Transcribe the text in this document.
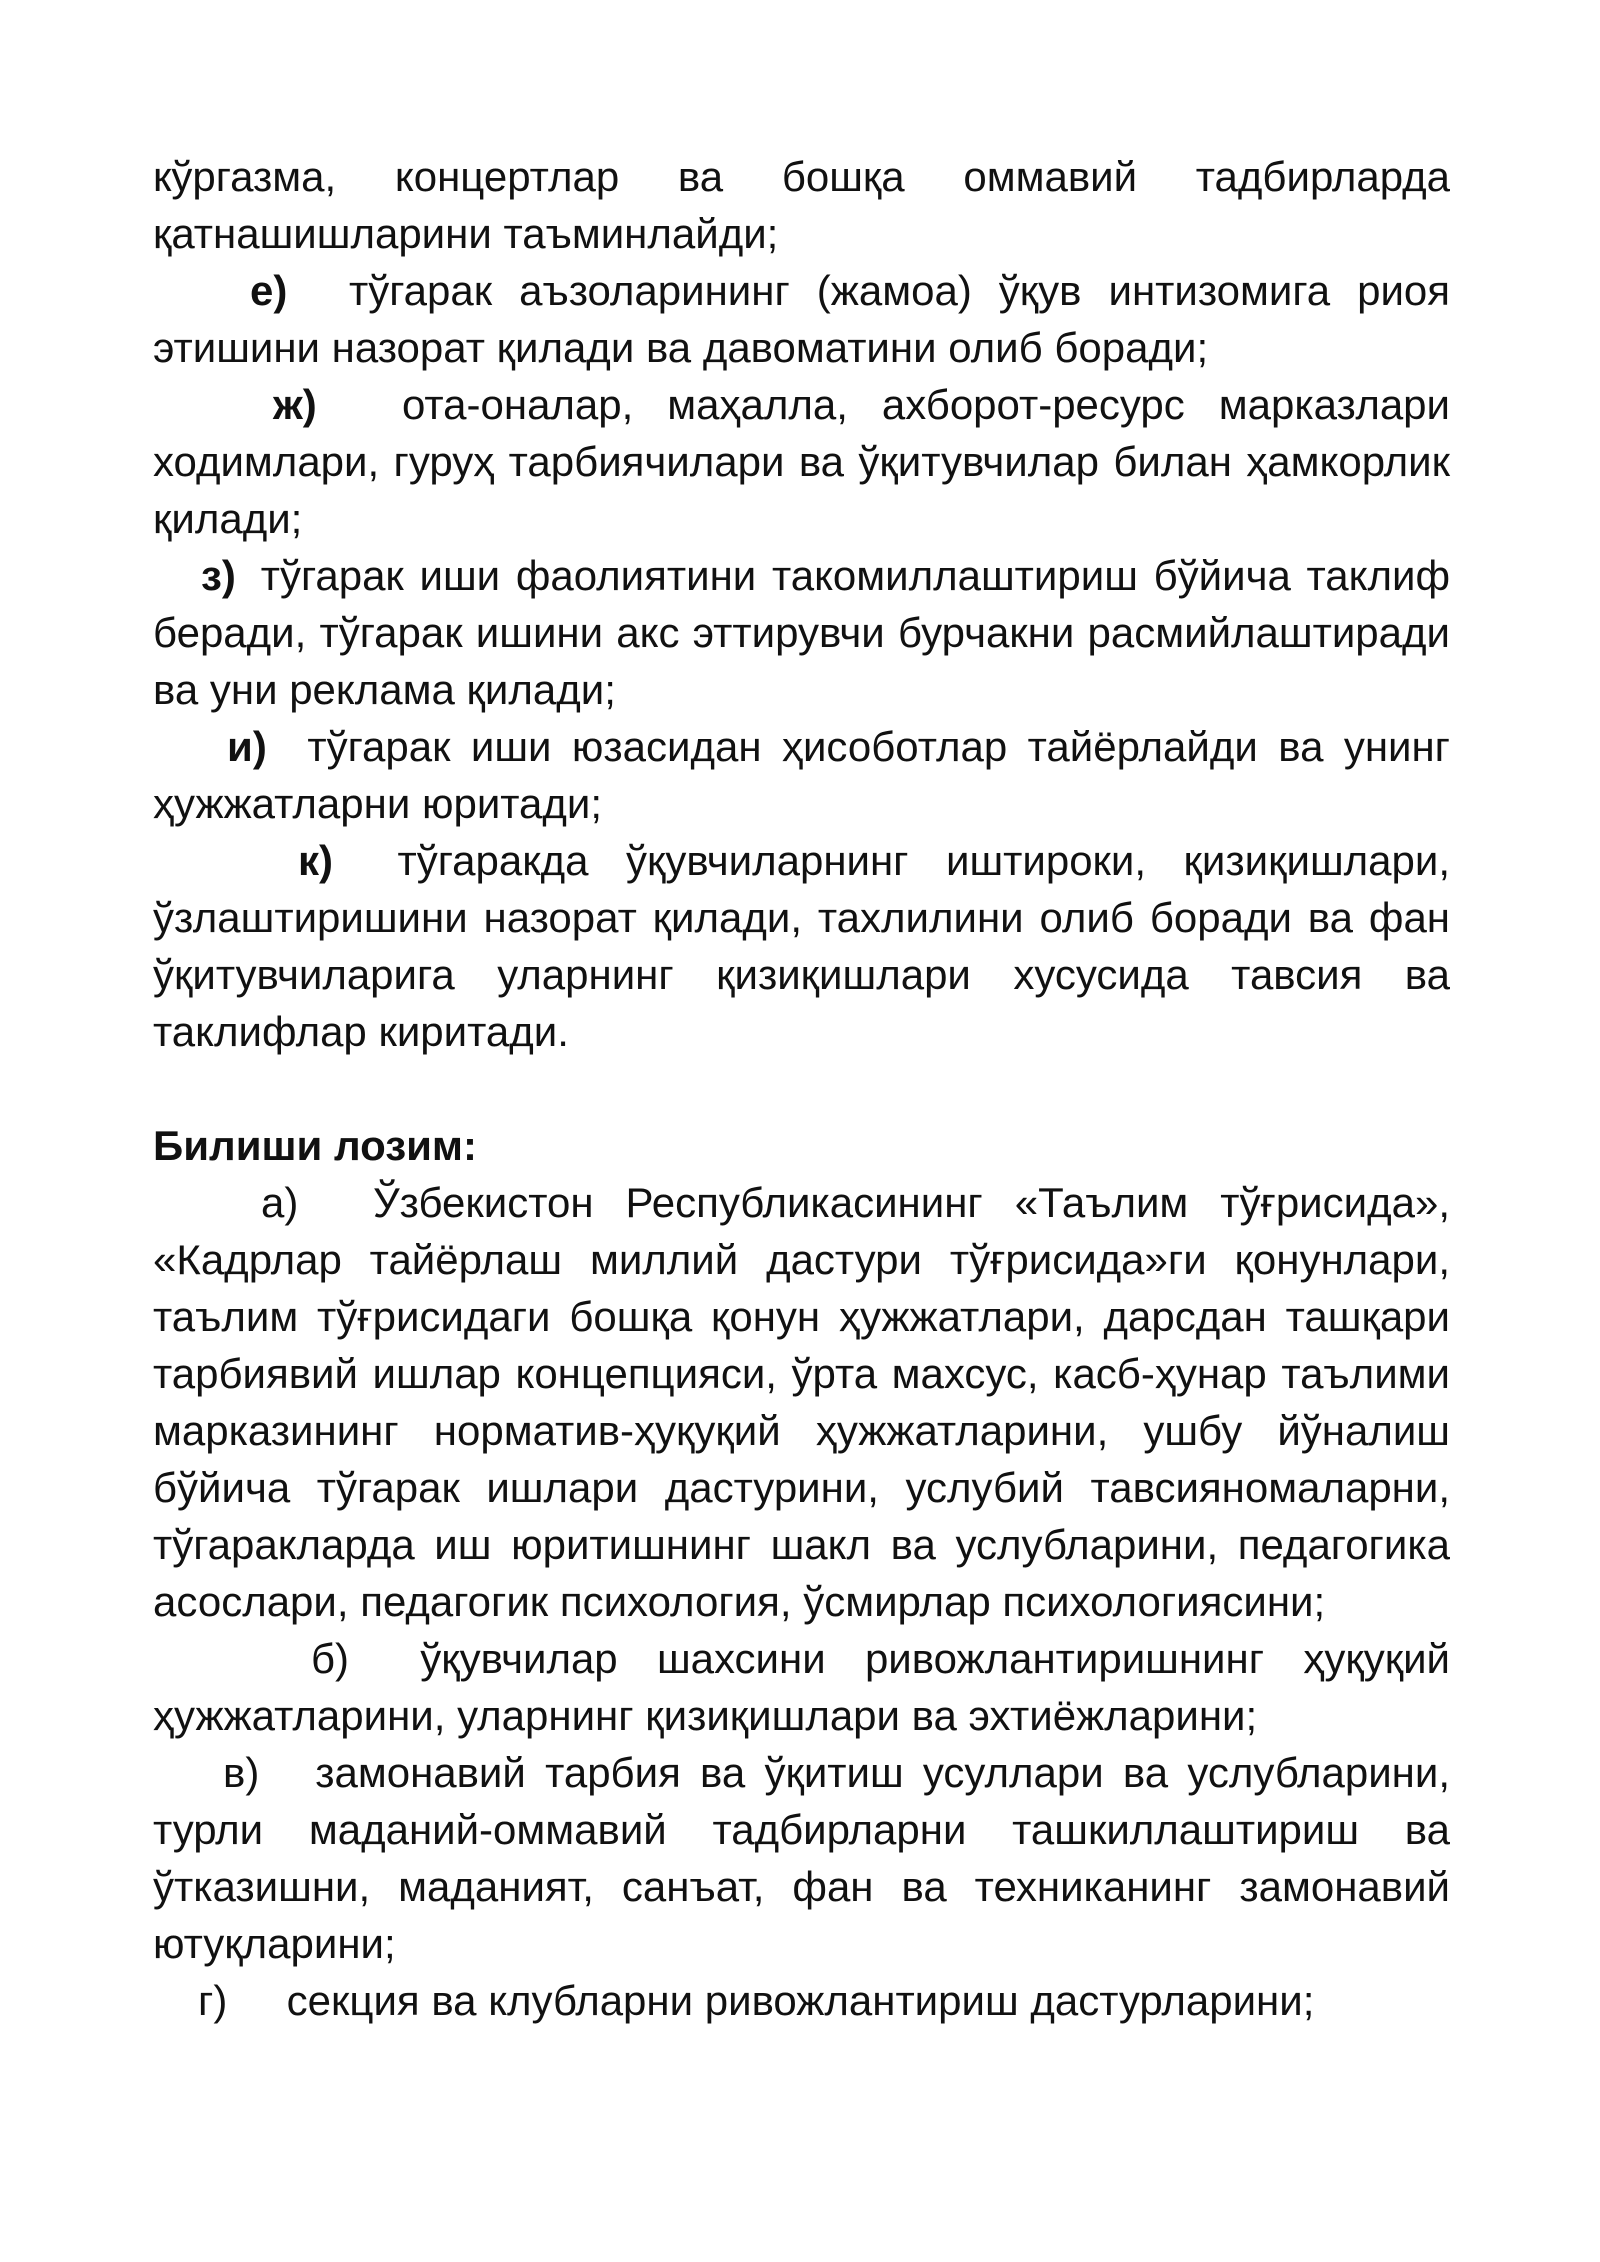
кўргазма, концертлар ва бошқа оммавий тадбирларда қатнашишларини таъминлайди;

е) тўгарак аъзоларининг (жамоа) ўқув интизомига риоя этишини назорат қилади ва давоматини олиб боради;

ж) ота-оналар, маҳалла, ахборот-ресурс марказлари ходимлари, гуруҳ тарбиячилари ва ўқитувчилар билан ҳамкорлик қилади;

з) тўгарак иши фаолиятини такомиллаштириш бўйича таклиф беради, тўгарак ишини акс эттирувчи бурчакни расмийлаштиради ва уни реклама қилади;

и) тўгарак иши юзасидан ҳисоботлар тайёрлайди ва унинг ҳужжатларни юритади;

к) тўгаракда ўқувчиларнинг иштироки, қизиқишлари, ўзлаштиришини назорат қилади, тахлилини олиб боради ва фан ўқитувчиларига уларнинг қизиқишлари хусусида тавсия ва таклифлар киритади.

Билиши лозим:

а) Ўзбекистон Республикасининг «Таълим тўғрисида», «Кадрлар тайёрлаш миллий дастури тўғрисида»ги қонунлари, таълим тўғрисидаги бошқа қонун ҳужжатлари, дарсдан ташқари тарбиявий ишлар концепцияси, ўрта махсус, касб-ҳунар таълими марказининг норматив-ҳуқуқий ҳужжатларини, ушбу йўналиш бўйича тўгарак ишлари дастурини, услубий тавсияномаларни, тўгаракларда иш юритишнинг шакл ва услубларини, педагогика асослари, педагогик психология, ўсмирлар психологиясини;

б) ўқувчилар шахсини ривожлантиришнинг ҳуқуқий ҳужжатларини, уларнинг қизиқишлари ва эхтиёжларини;

в) замонавий тарбия ва ўқитиш усуллари ва услубларини, турли маданий-оммавий тадбирларни ташкиллаштириш ва ўтказишни, маданият, санъат, фан ва техниканинг замонавий ютуқларини;

г) секция ва клубларни ривожлантириш дастурларини;
